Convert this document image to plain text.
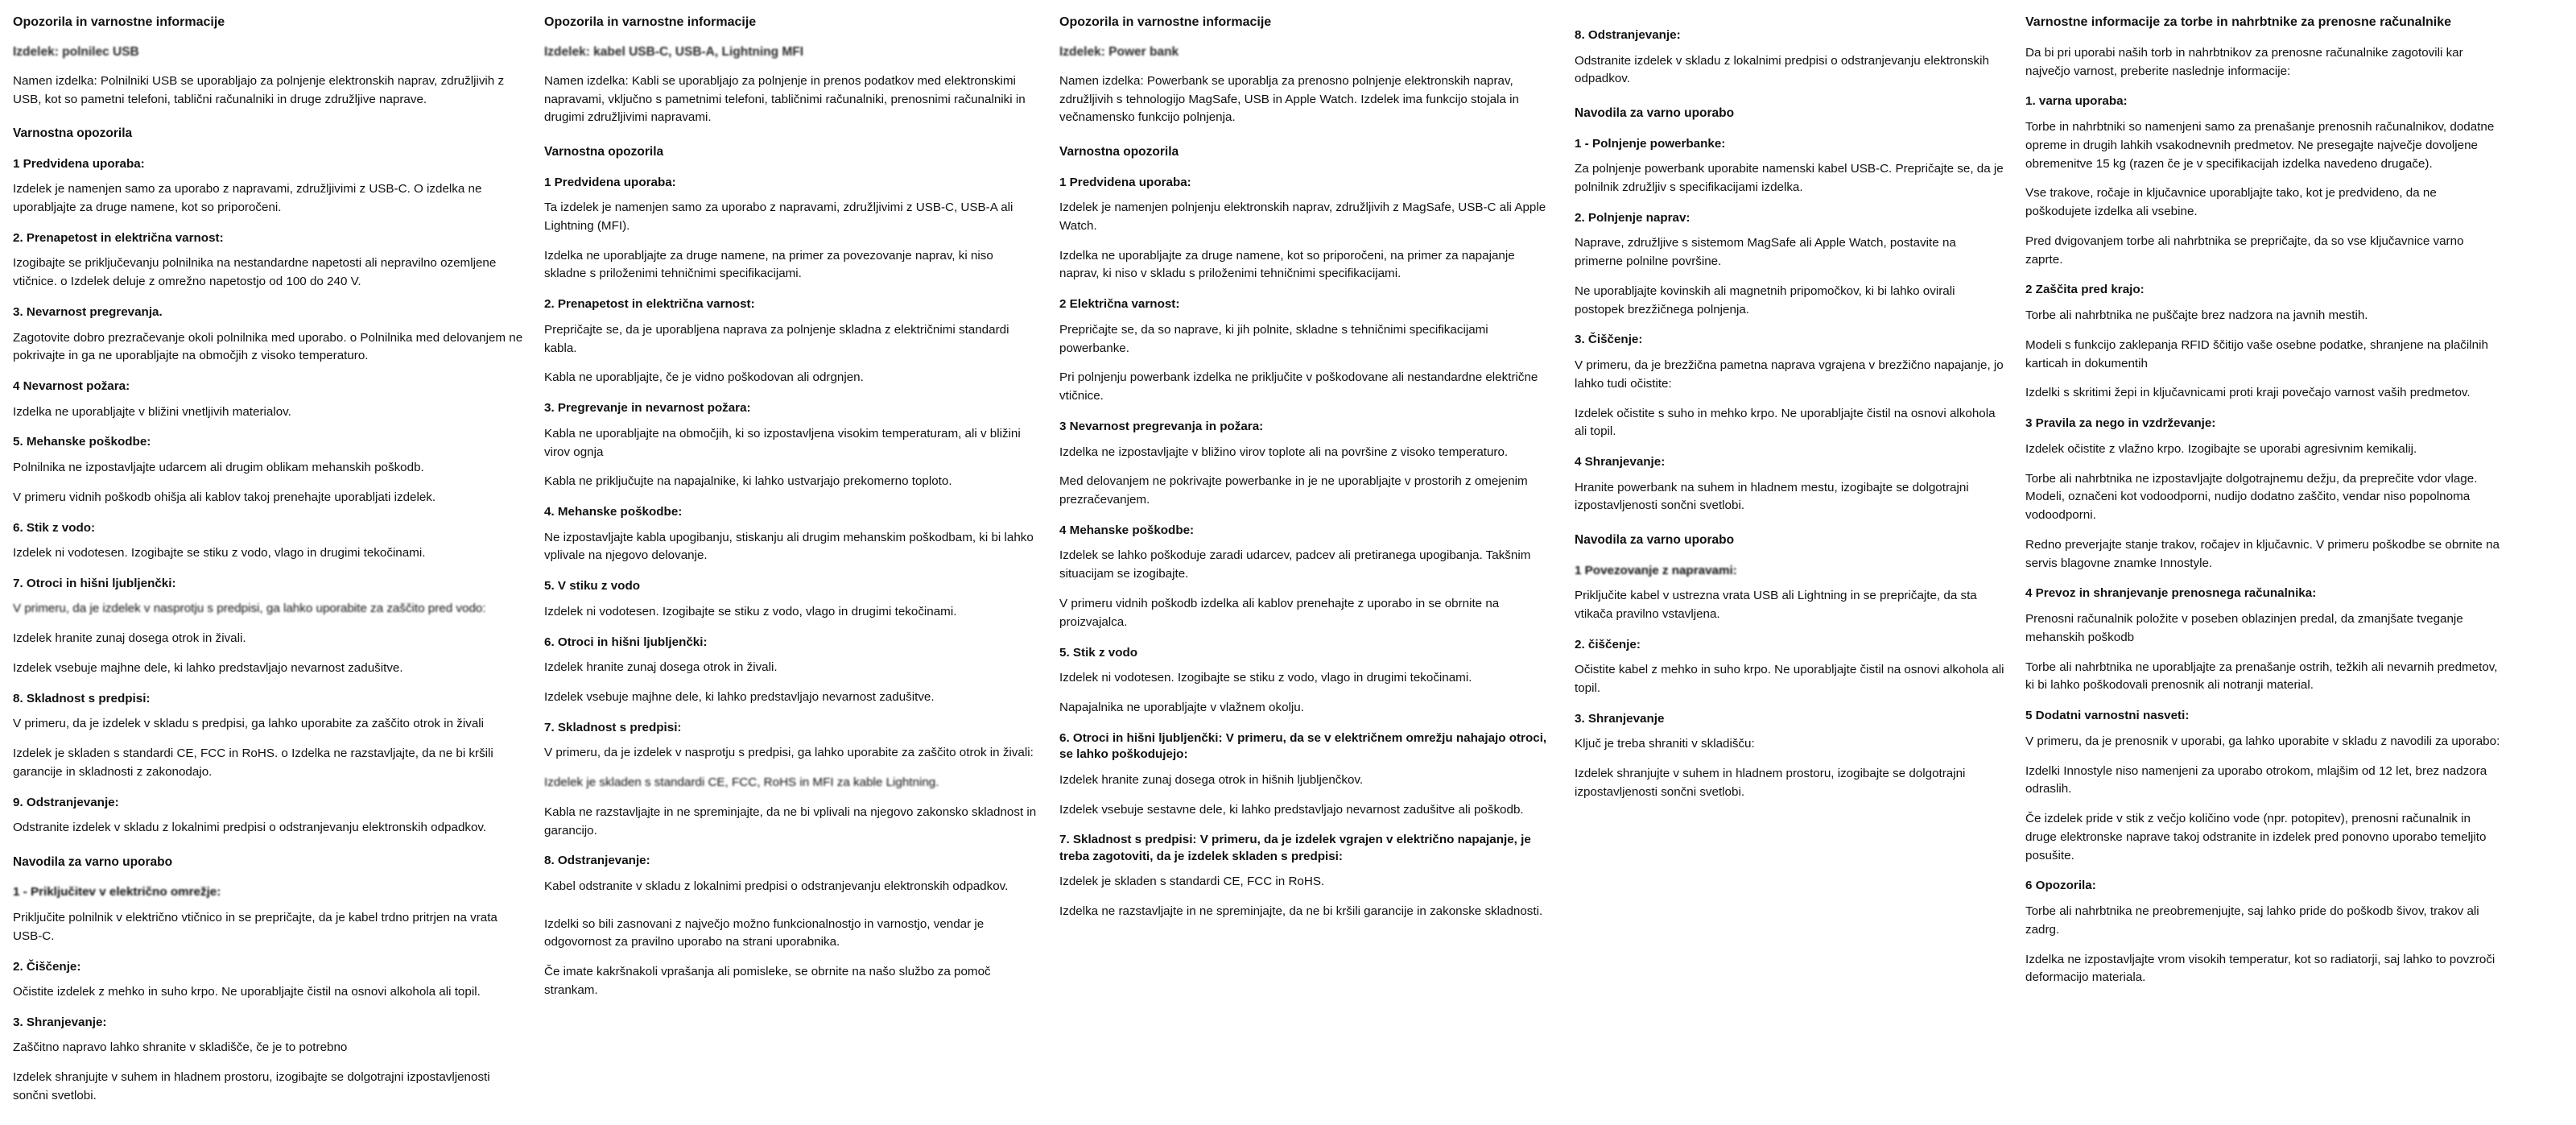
Opozorila in varnostne informacije
Izdelek: polnilec USB

Namen izdelka: Polnilniki USB se uporabljajo za polnjenje elektronskih naprav, združljivih z USB, kot so pametni telefoni, tablični računalniki in druge združljive naprave.

Varnostna opozorila
1 Predvidena uporaba:

Izdelek je namenjen samo za uporabo z napravami, združljivimi z USB-C. O izdelka ne uporabljajte za druge namene, kot so priporočeni.

2. Prenapetost in električna varnost:

Izogibajte se priključevanju polnilnika na nestandardne napetosti ali nepravilno ozemljene vtičnice. o Izdelek deluje z omrežno napetostjo od 100 do 240 V.

3. Nevarnost pregrevanja.

Zagotovite dobro prezračevanje okoli polnilnika med uporabo. o Polnilnika med delovanjem ne pokrivajte in ga ne uporabljajte na območjih z visoko temperaturo.

4 Nevarnost požara:

Izdelka ne uporabljajte v bližini vnetljivih materialov.

5. Mehanske poškodbe:

Polnilnika ne izpostavljajte udarcem ali drugim oblikam mehanskih poškodb.

V primeru vidnih poškodb ohišja ali kablov takoj prenehajte uporabljati izdelek.

6. Stik z vodo:

Izdelek ni vodotesen. Izogibajte se stiku z vodo, vlago in drugimi tekočinami.

7. Otroci in hišni ljubljenčki:

V primeru, da je izdelek v nasprotju s predpisi, ga lahko uporabite za zaščito pred vodo:

Izdelek hranite zunaj dosega otrok in živali.

Izdelek vsebuje majhne dele, ki lahko predstavljajo nevarnost zadušitve.

8. Skladnost s predpisi:

V primeru, da je izdelek v skladu s predpisi, ga lahko uporabite za zaščito otrok in živali

Izdelek je skladen s standardi CE, FCC in RoHS. o Izdelka ne razstavljajte, da ne bi kršili garancije in skladnosti z zakonodajo.

9. Odstranjevanje:

Odstranite izdelek v skladu z lokalnimi predpisi o odstranjevanju elektronskih odpadkov.

Navodila za varno uporabo
1 - Priključitev v električno omrežje:

Priključite polnilnik v električno vtičnico in se prepričajte, da je kabel trdno pritrjen na vrata USB-C.

2. Čiščenje:

Očistite izdelek z mehko in suho krpo. Ne uporabljajte čistil na osnovi alkohola ali topil.

3. Shranjevanje:

Zaščitno napravo lahko shranite v skladišče, če je to potrebno

Izdelek shranjujte v suhem in hladnem prostoru, izogibajte se dolgotrajni izpostavljenosti sončni svetlobi.

Opozorila in varnostne informacije
Izdelek: kabel USB-C, USB-A, Lightning MFI

Namen izdelka: Kabli se uporabljajo za polnjenje in prenos podatkov med elektronskimi napravami, vključno s pametnimi telefoni, tabličnimi računalniki, prenosnimi računalniki in drugimi združljivimi napravami.

Varnostna opozorila
1 Predvidena uporaba:

Ta izdelek je namenjen samo za uporabo z napravami, združljivimi z USB-C, USB-A ali Lightning (MFI).

Izdelka ne uporabljajte za druge namene, na primer za povezovanje naprav, ki niso skladne s priloženimi tehničnimi specifikacijami.

2. Prenapetost in električna varnost:

Prepričajte se, da je uporabljena naprava za polnjenje skladna z električnimi standardi kabla.

Kabla ne uporabljajte, če je vidno poškodovan ali odrgnjen.

3. Pregrevanje in nevarnost požara:

Kabla ne uporabljajte na območjih, ki so izpostavljena visokim temperaturam, ali v bližini virov ognja

Kabla ne priključujte na napajalnike, ki lahko ustvarjajo prekomerno toploto.

4. Mehanske poškodbe:

Ne izpostavljajte kabla upogibanju, stiskanju ali drugim mehanskim poškodbam, ki bi lahko vplivale na njegovo delovanje.

5. V stiku z vodo

Izdelek ni vodotesen. Izogibajte se stiku z vodo, vlago in drugimi tekočinami.

6. Otroci in hišni ljubljenčki:

Izdelek hranite zunaj dosega otrok in živali.

Izdelek vsebuje majhne dele, ki lahko predstavljajo nevarnost zadušitve.

7. Skladnost s predpisi:

V primeru, da je izdelek v nasprotju s predpisi, ga lahko uporabite za zaščito otrok in živali:

Izdelek je skladen s standardi CE, FCC, RoHS in MFI za kable Lightning.

Kabla ne razstavljajte in ne spreminjajte, da ne bi vplivali na njegovo zakonsko skladnost in garancijo.

8. Odstranjevanje:

Kabel odstranite v skladu z lokalnimi predpisi o odstranjevanju elektronskih odpadkov.

Izdelki so bili zasnovani z največjo možno funkcionalnostjo in varnostjo, vendar je odgovornost za pravilno uporabo na strani uporabnika.

Če imate kakršnakoli vprašanja ali pomisleke, se obrnite na našo službo za pomoč strankam.

Opozorila in varnostne informacije
Izdelek: Power bank

Namen izdelka: Powerbank se uporablja za prenosno polnjenje elektronskih naprav, združljivih s tehnologijo MagSafe, USB in Apple Watch. Izdelek ima funkcijo stojala in večnamensko funkcijo polnjenja.

Varnostna opozorila
1 Predvidena uporaba:

Izdelek je namenjen polnjenju elektronskih naprav, združljivih z MagSafe, USB-C ali Apple Watch.

Izdelka ne uporabljajte za druge namene, kot so priporočeni, na primer za napajanje naprav, ki niso v skladu s priloženimi tehničnimi specifikacijami.

2 Električna varnost:

Prepričajte se, da so naprave, ki jih polnite, skladne s tehničnimi specifikacijami powerbanke.

Pri polnjenju powerbank izdelka ne priključite v poškodovane ali nestandardne električne vtičnice.

3 Nevarnost pregrevanja in požara:

Izdelka ne izpostavljajte v bližino virov toplote ali na površine z visoko temperaturo.

Med delovanjem ne pokrivajte powerbanke in je ne uporabljajte v prostorih z omejenim prezračevanjem.

4 Mehanske poškodbe:

Izdelek se lahko poškoduje zaradi udarcev, padcev ali pretiranega upogibanja. Takšnim situacijam se izogibajte.

V primeru vidnih poškodb izdelka ali kablov prenehajte z uporabo in se obrnite na proizvajalca.

5. Stik z vodo

Izdelek ni vodotesen. Izogibajte se stiku z vodo, vlago in drugimi tekočinami.

Napajalnika ne uporabljajte v vlažnem okolju.

6. Otroci in hišni ljubljenčki: V primeru, da se v električnem omrežju nahajajo otroci, se lahko poškodujejo:

Izdelek hranite zunaj dosega otrok in hišnih ljubljenčkov.

Izdelek vsebuje sestavne dele, ki lahko predstavljajo nevarnost zadušitve ali poškodb.

7. Skladnost s predpisi: V primeru, da je izdelek vgrajen v električno napajanje, je treba zagotoviti, da je izdelek skladen s predpisi:

Izdelek je skladen s standardi CE, FCC in RoHS.

Izdelka ne razstavljajte in ne spreminjajte, da ne bi kršili garancije in zakonske skladnosti.

8. Odstranjevanje:

Odstranite izdelek v skladu z lokalnimi predpisi o odstranjevanju elektronskih odpadkov.

Navodila za varno uporabo
1 - Polnjenje powerbanke:

Za polnjenje powerbank uporabite namenski kabel USB-C. Prepričajte se, da je polnilnik združljiv s specifikacijami izdelka.

2. Polnjenje naprav:

Naprave, združljive s sistemom MagSafe ali Apple Watch, postavite na primerne polnilne površine.

Ne uporabljajte kovinskih ali magnetnih pripomočkov, ki bi lahko ovirali postopek brezžičnega polnjenja.

3. Čiščenje:

V primeru, da je brezžična pametna naprava vgrajena v brezžično napajanje, jo lahko tudi očistite:

Izdelek očistite s suho in mehko krpo. Ne uporabljajte čistil na osnovi alkohola ali topil.

4 Shranjevanje:

Hranite powerbank na suhem in hladnem mestu, izogibajte se dolgotrajni izpostavljenosti sončni svetlobi.

Navodila za varno uporabo
1 Povezovanje z napravami:

Priključite kabel v ustrezna vrata USB ali Lightning in se prepričajte, da sta vtikača pravilno vstavljena.

2. čiščenje:

Očistite kabel z mehko in suho krpo. Ne uporabljajte čistil na osnovi alkohola ali topil.

3. Shranjevanje

Ključ je treba shraniti v skladišču:

Izdelek shranjujte v suhem in hladnem prostoru, izogibajte se dolgotrajni izpostavljenosti sončni svetlobi.

Varnostne informacije za torbe in nahrbtnike za prenosne računalnike

Da bi pri uporabi naših torb in nahrbtnikov za prenosne računalnike zagotovili kar največjo varnost, preberite naslednje informacije:

1. varna uporaba:

Torbe in nahrbtniki so namenjeni samo za prenašanje prenosnih računalnikov, dodatne opreme in drugih lahkih vsakodnevnih predmetov. Ne presegajte največje dovoljene obremenitve 15 kg (razen če je v specifikacijah izdelka navedeno drugače).

Vse trakove, ročaje in ključavnice uporabljajte tako, kot je predvideno, da ne poškodujete izdelka ali vsebine.

Pred dvigovanjem torbe ali nahrbtnika se prepričajte, da so vse ključavnice varno zaprte.

2 Zaščita pred krajo:

Torbe ali nahrbtnika ne puščajte brez nadzora na javnih mestih.

Modeli s funkcijo zaklepanja RFID ščitijo vaše osebne podatke, shranjene na plačilnih karticah in dokumentih

Izdelki s skritimi žepi in ključavnicami proti kraji povečajo varnost vaših predmetov.

3 Pravila za nego in vzdrževanje:

Izdelek očistite z vlažno krpo. Izogibajte se uporabi agresivnim kemikalij.

Torbe ali nahrbtnika ne izpostavljajte dolgotrajnemu dežju, da preprečite vdor vlage. Modeli, označeni kot vodoodporni, nudijo dodatno zaščito, vendar niso popolnoma vodoodporni.

Redno preverjajte stanje trakov, ročajev in ključavnic. V primeru poškodbe se obrnite na servis blagovne znamke Innostyle.

4 Prevoz in shranjevanje prenosnega računalnika:

Prenosni računalnik položite v poseben oblazinjen predal, da zmanjšate tveganje mehanskih poškodb

Torbe ali nahrbtnika ne uporabljajte za prenašanje ostrih, težkih ali nevarnih predmetov, ki bi lahko poškodovali prenosnik ali notranji material.

5 Dodatni varnostni nasveti:

V primeru, da je prenosnik v uporabi, ga lahko uporabite v skladu z navodili za uporabo:

Izdelki Innostyle niso namenjeni za uporabo otrokom, mlajšim od 12 let, brez nadzora odraslih.

Če izdelek pride v stik z večjo količino vode (npr. potopitev), prenosni računalnik in druge elektronske naprave takoj odstranite in izdelek pred ponovno uporabo temeljito posušite.

6 Opozorila:

Torbe ali nahrbtnika ne preobremenjujte, saj lahko pride do poškodb šivov, trakov ali zadrg.

Izdelka ne izpostavljajte vrom visokih temperatur, kot so radiatorji, saj lahko to povzroči deformacijo materiala.
